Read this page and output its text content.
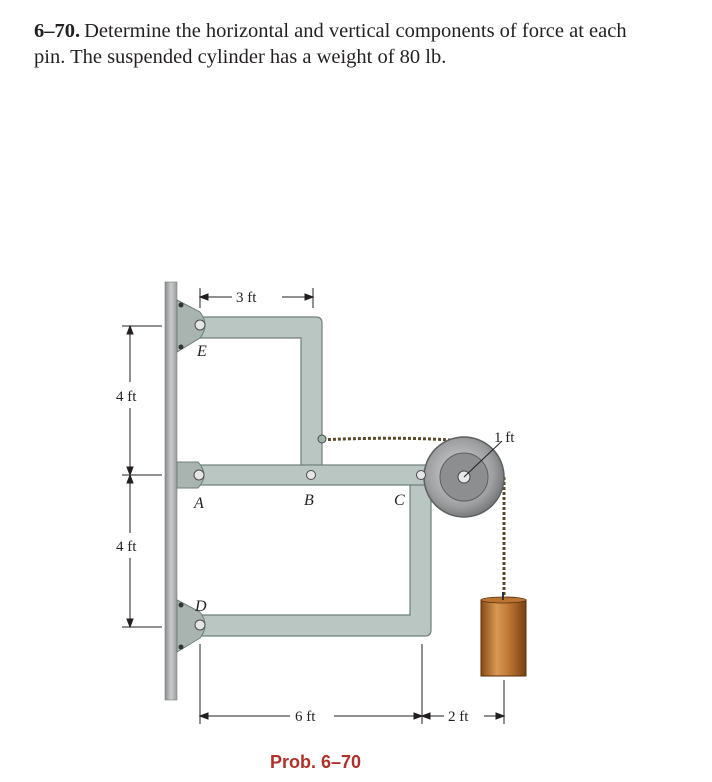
6–70. Determine the horizontal and vertical components of force at each pin. The suspended cylinder has a weight of 80 lb.

3 ft
4 ft
4 ft
6 ft	2 ft
1 ft
E
A	B	C
D
Prob. 6–70
